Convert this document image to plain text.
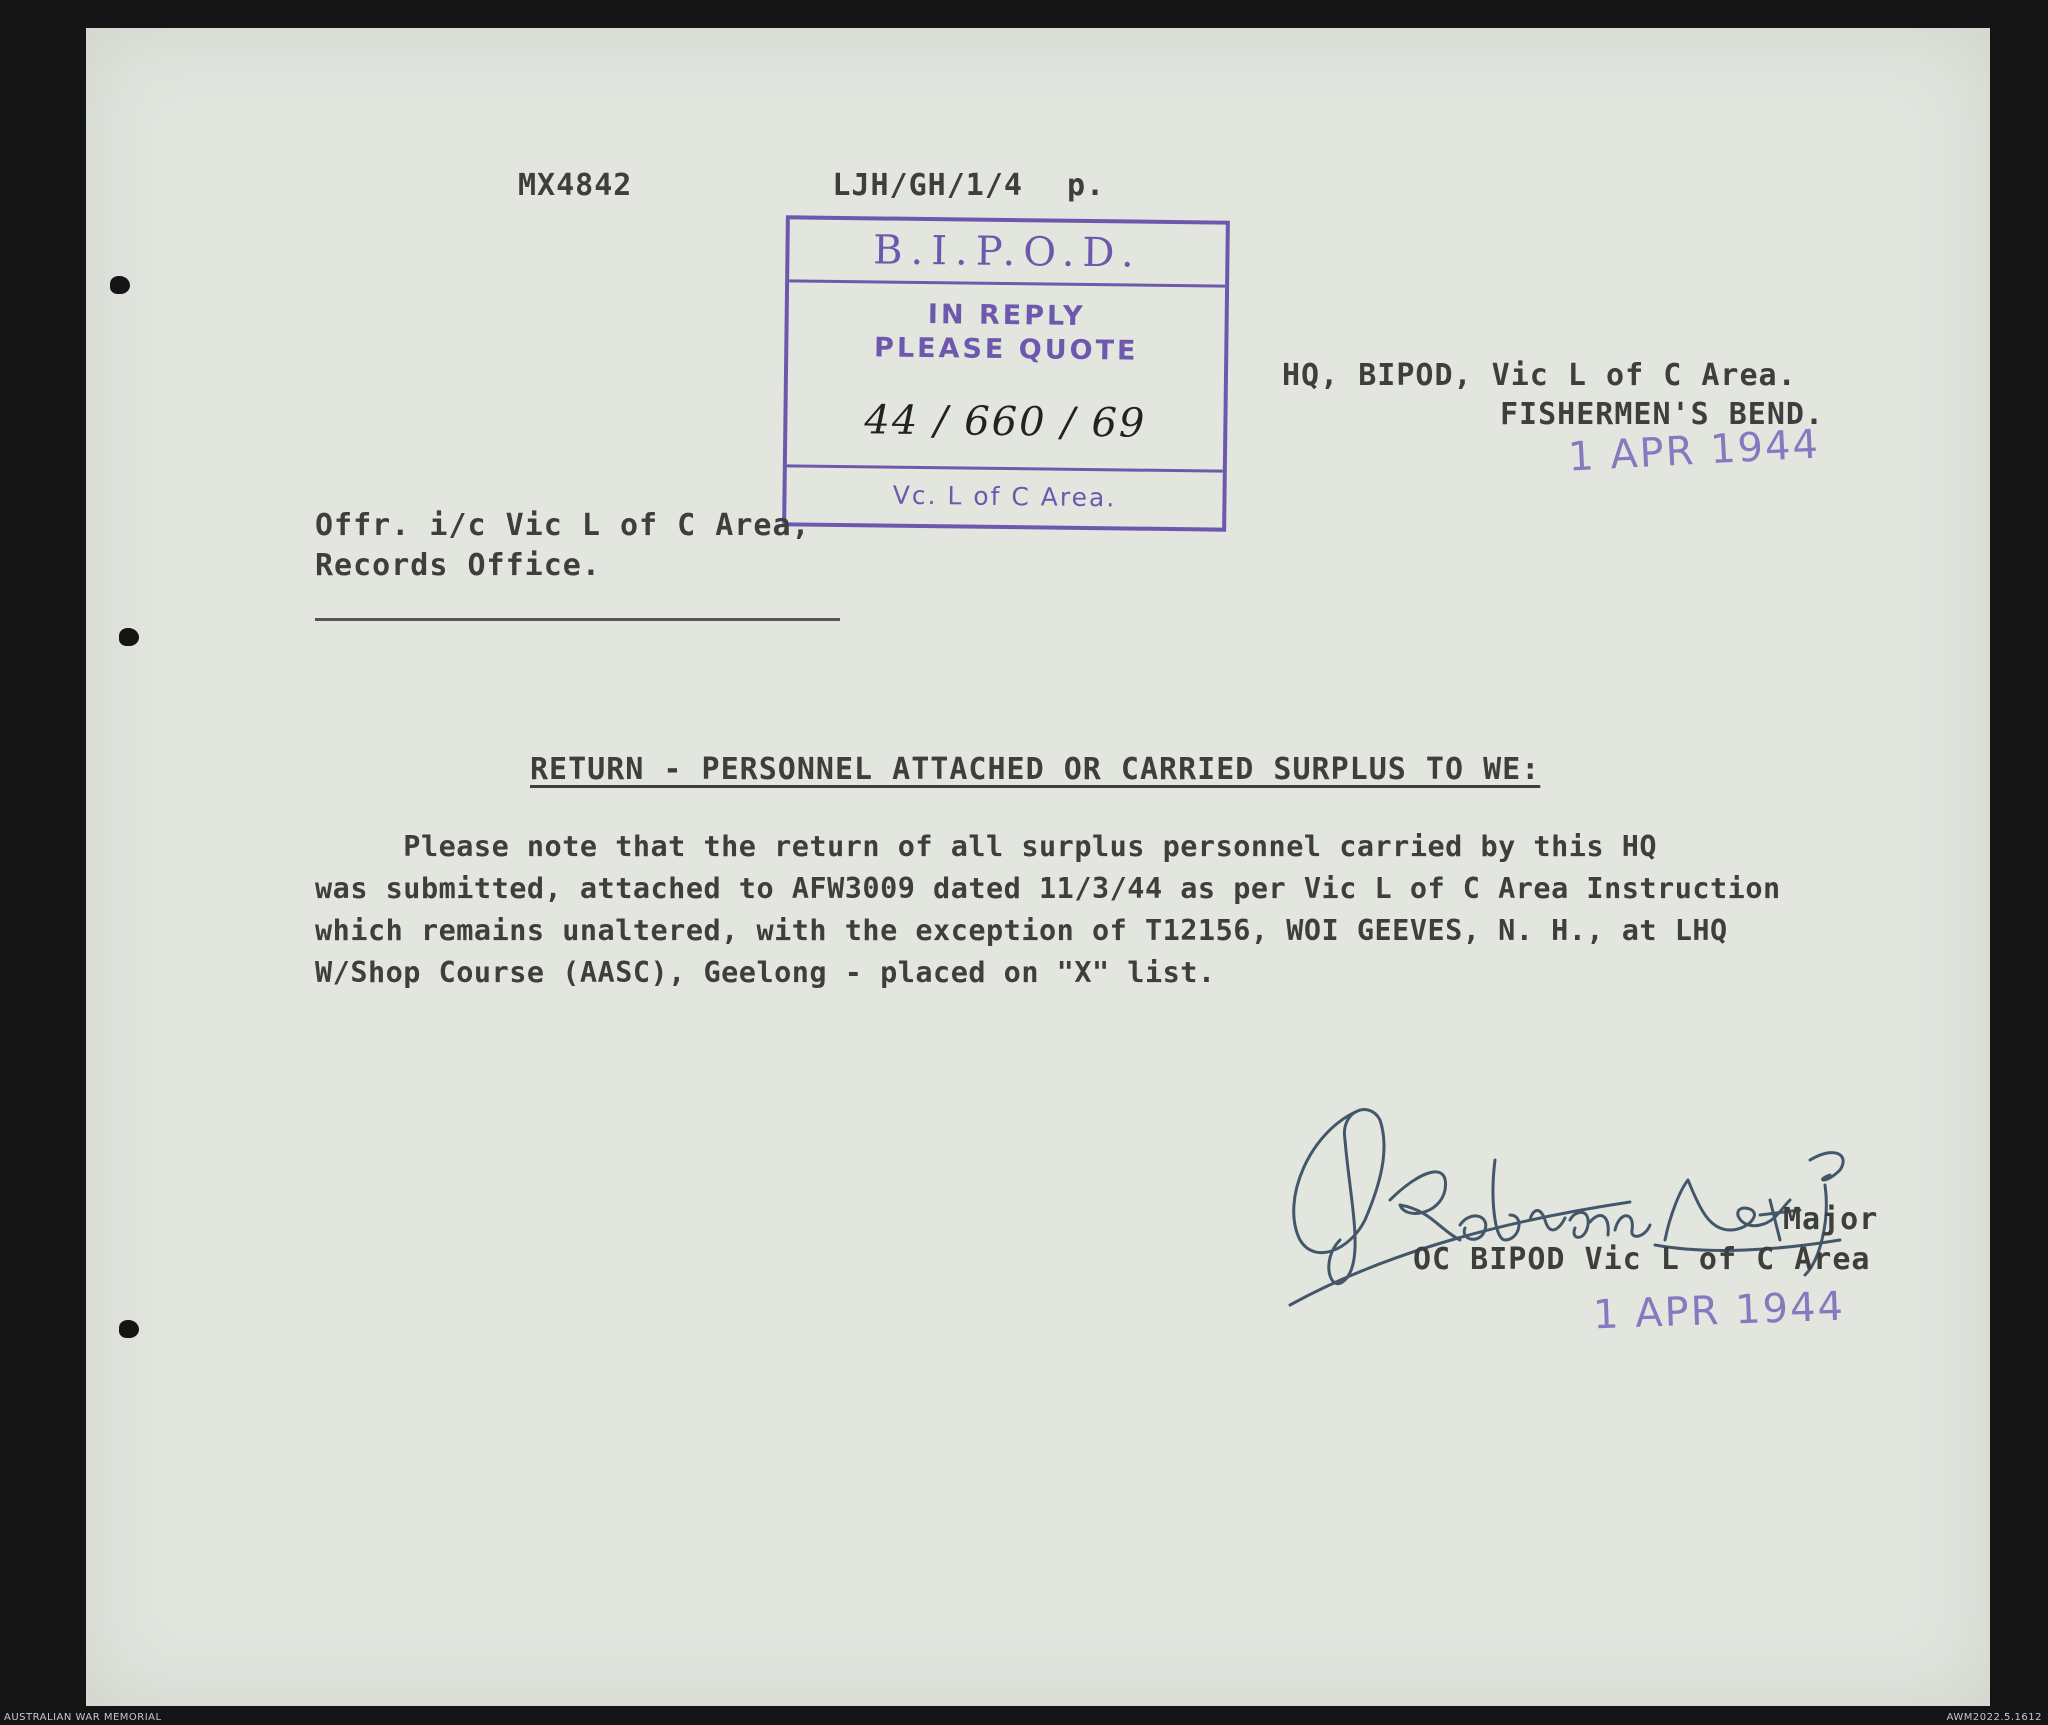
MX4842	LJH/GH/1/4 p.
B.I.P.O.D.
IN REPLY
PLEASE QUOTE
44 / 660 / 69
Vc. L of C Area.
HQ, BIPOD, Vic L of C Area.
FISHERMEN'S BEND.
1 APR 1944
Offr. i/c Vic L of C Area,
Records Office.
RETURN - PERSONNEL ATTACHED OR CARRIED SURPLUS TO WE:
Please note that the return of all surplus personnel carried by this HQ
was submitted, attached to AFW3009 dated 11/3/44 as per Vic L of C Area Instruction
which remains unaltered, with the exception of T12156, WOI GEEVES, N. H., at LHQ
W/Shop Course (AASC), Geelong - placed on "X" list.
Major
OC BIPOD Vic L of C Area
1 APR 1944
AUSTRALIAN WAR MEMORIAL	AWM2022.5.1612
